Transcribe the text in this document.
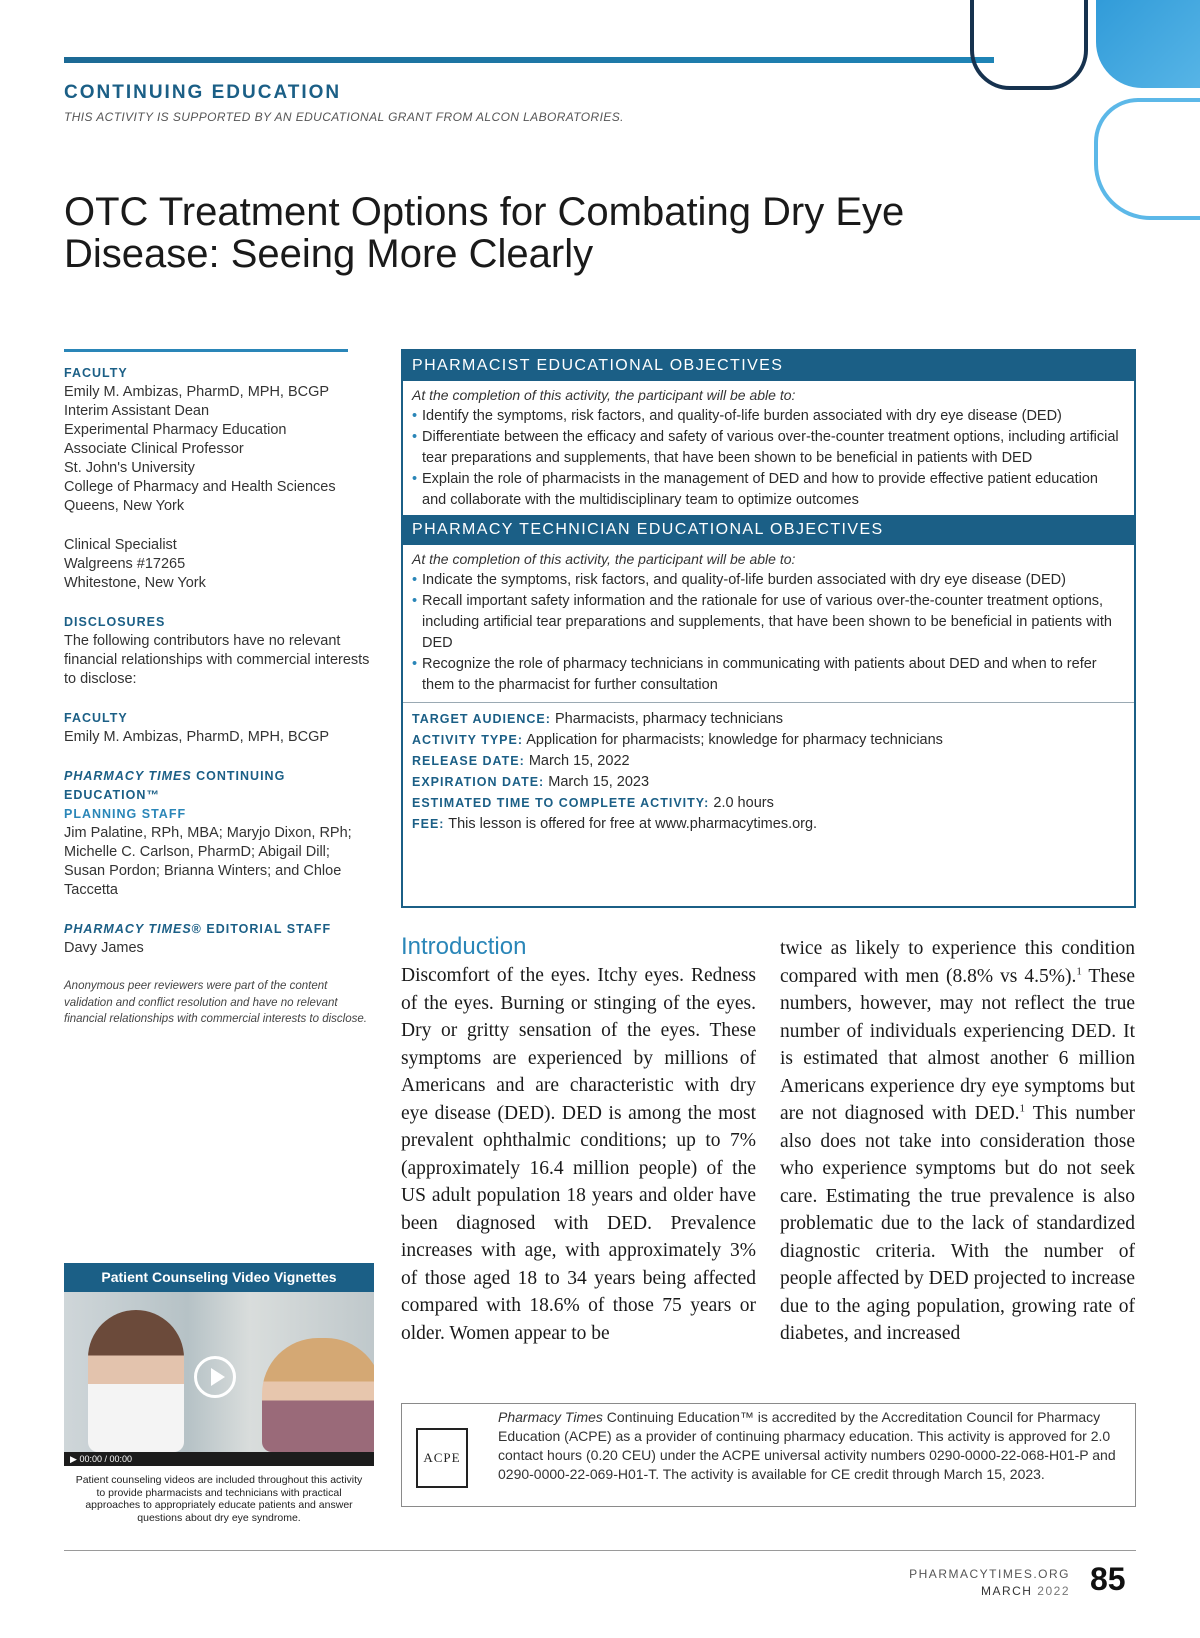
CONTINUING EDUCATION
THIS ACTIVITY IS SUPPORTED BY AN EDUCATIONAL GRANT FROM ALCON LABORATORIES.
OTC Treatment Options for Combating Dry Eye
Disease: Seeing More Clearly
FACULTY
Emily M. Ambizas, PharmD, MPH, BCGP
Interim Assistant Dean
Experimental Pharmacy Education
Associate Clinical Professor
St. John's University
College of Pharmacy and Health Sciences
Queens, New York
Clinical Specialist
Walgreens #17265
Whitestone, New York
DISCLOSURES
The following contributors have no relevant financial relationships with commercial interests to disclose:
FACULTY
Emily M. Ambizas, PharmD, MPH, BCGP
PHARMACY TIMES CONTINUING EDUCATION™
PLANNING STAFF
Jim Palatine, RPh, MBA; Maryjo Dixon, RPh; Michelle C. Carlson, PharmD; Abigail Dill; Susan Pordon; Brianna Winters; and Chloe Taccetta
PHARMACY TIMES® EDITORIAL STAFF
Davy James
Anonymous peer reviewers were part of the content validation and conflict resolution and have no relevant financial relationships with commercial interests to disclose.
Patient Counseling Video Vignettes
▶ 00:00 / 00:00
Patient counseling videos are included throughout this activity to provide pharmacists and technicians with practical approaches to appropriately educate patients and answer questions about dry eye syndrome.
PHARMACIST EDUCATIONAL OBJECTIVES
At the completion of this activity, the participant will be able to:
• Identify the symptoms, risk factors, and quality-of-life burden associated with dry eye disease (DED)
• Differentiate between the efficacy and safety of various over-the-counter treatment options, including artificial tear preparations and supplements, that have been shown to be beneficial in patients with DED
• Explain the role of pharmacists in the management of DED and how to provide effective patient education and collaborate with the multidisciplinary team to optimize outcomes
PHARMACY TECHNICIAN EDUCATIONAL OBJECTIVES
At the completion of this activity, the participant will be able to:
• Indicate the symptoms, risk factors, and quality-of-life burden associated with dry eye disease (DED)
• Recall important safety information and the rationale for use of various over-the-counter treatment options, including artificial tear preparations and supplements, that have been shown to be beneficial in patients with DED
• Recognize the role of pharmacy technicians in communicating with patients about DED and when to refer them to the pharmacist for further consultation
TARGET AUDIENCE: Pharmacists, pharmacy technicians
ACTIVITY TYPE: Application for pharmacists; knowledge for pharmacy technicians
RELEASE DATE: March 15, 2022
EXPIRATION DATE: March 15, 2023
ESTIMATED TIME TO COMPLETE ACTIVITY: 2.0 hours
FEE: This lesson is offered for free at www.pharmacytimes.org.
Introduction
Discomfort of the eyes. Itchy eyes. Redness of the eyes. Burning or stinging of the eyes. Dry or gritty sensation of the eyes. These symptoms are experienced by millions of Americans and are characteristic with dry eye disease (DED). DED is among the most prevalent ophthalmic conditions; up to 7% (approximately 16.4 million people) of the US adult population 18 years and older have been diagnosed with DED. Prevalence increases with age, with approximately 3% of those aged 18 to 34 years being affected compared with 18.6% of those 75 years or older. Women appear to be
twice as likely to experience this condition compared with men (8.8% vs 4.5%).$^1$ These numbers, however, may not reflect the true number of individuals experiencing DED. It is estimated that almost another 6 million Americans experience dry eye symptoms but are not diagnosed with DED.$^1$ This number also does not take into consideration those who experience symptoms but do not seek care. Estimating the true prevalence is also problematic due to the lack of standardized diagnostic criteria. With the number of people affected by DED projected to increase due to the aging population, growing rate of diabetes, and increased
ACPE
Pharmacy Times Continuing Education™ is accredited by the Accreditation Council for Pharmacy Education (ACPE) as a provider of continuing pharmacy education. This activity is approved for 2.0 contact hours (0.20 CEU) under the ACPE universal activity numbers 0290-0000-22-068-H01-P and 0290-0000-22-069-H01-T. The activity is available for CE credit through March 15, 2023.
PHARMACYTIMES.ORG
MARCH 2022 85
